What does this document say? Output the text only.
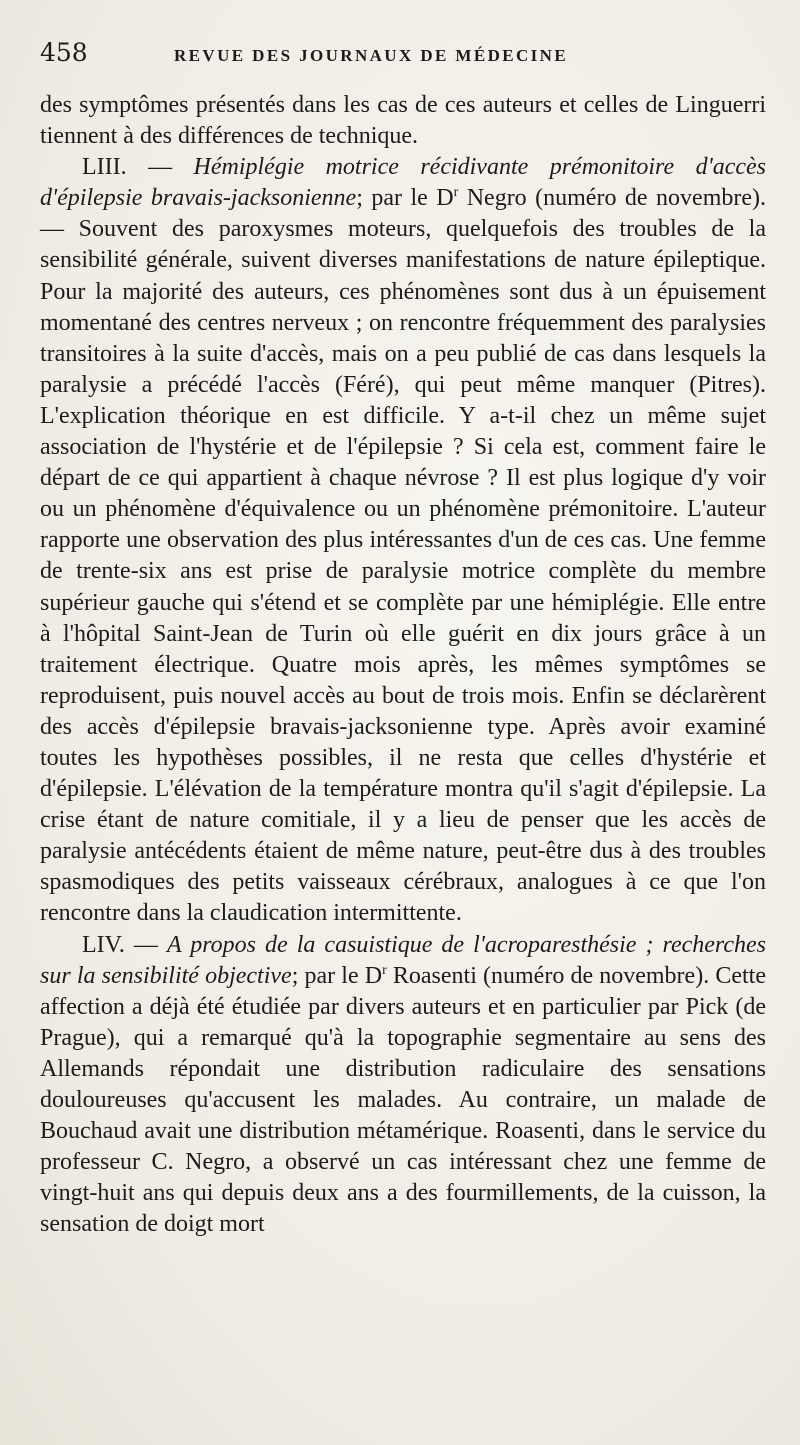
458	REVUE DES JOURNAUX DE MÉDECINE

des symptômes présentés dans les cas de ces auteurs et celles de Linguerri tiennent à des différences de technique.

LIII. — Hémiplégie motrice récidivante prémonitoire d'accès d'épilepsie bravais-jacksonienne; par le $D^r$ Negro (numéro de novembre). — Souvent des paroxysmes moteurs, quelquefois des troubles de la sensibilité générale, suivent diverses manifestations de nature épileptique. Pour la majorité des auteurs, ces phénomènes sont dus à un épuisement momentané des centres nerveux ; on rencontre fréquemment des paralysies transitoires à la suite d'accès, mais on a peu publié de cas dans lesquels la paralysie a précédé l'accès (Féré), qui peut même manquer (Pitres). L'explication théorique en est difficile. Y a-t-il chez un même sujet association de l'hystérie et de l'épilepsie ? Si cela est, comment faire le départ de ce qui appartient à chaque névrose ? Il est plus logique d'y voir ou un phénomène d'équivalence ou un phénomène prémonitoire. L'auteur rapporte une observation des plus intéressantes d'un de ces cas. Une femme de trente-six ans est prise de paralysie motrice complète du membre supérieur gauche qui s'étend et se complète par une hémiplégie. Elle entre à l'hôpital Saint-Jean de Turin où elle guérit en dix jours grâce à un traitement électrique. Quatre mois après, les mêmes symptômes se reproduisent, puis nouvel accès au bout de trois mois. Enfin se déclarèrent des accès d'épilepsie bravais-jacksonienne type. Après avoir examiné toutes les hypothèses possibles, il ne resta que celles d'hystérie et d'épilepsie. L'élévation de la température montra qu'il s'agit d'épilepsie. La crise étant de nature comitiale, il y a lieu de penser que les accès de paralysie antécédents étaient de même nature, peut-être dus à des troubles spasmodiques des petits vaisseaux cérébraux, analogues à ce que l'on rencontre dans la claudication intermittente.

LIV. — A propos de la casuistique de l'acroparesthésie ; recherches sur la sensibilité objective; par le $D^r$ Roasenti (numéro de novembre). Cette affection a déjà été étudiée par divers auteurs et en particulier par Pick (de Prague), qui a remarqué qu'à la topographie segmentaire au sens des Allemands répondait une distribution radiculaire des sensations douloureuses qu'accusent les malades. Au contraire, un malade de Bouchaud avait une distribution métamérique. Roasenti, dans le service du professeur C. Negro, a observé un cas intéressant chez une femme de vingt-huit ans qui depuis deux ans a des fourmillements, de la cuisson, la sensation de doigt mort
